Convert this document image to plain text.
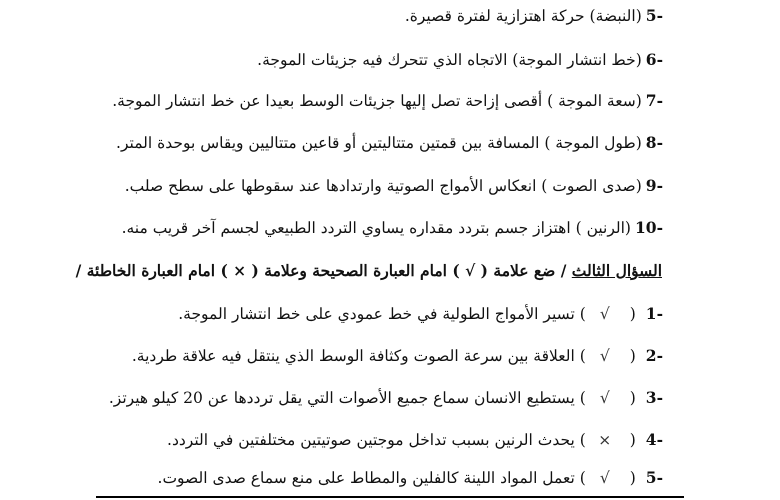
-5(النبضة) حركة اهتزازية لفترة قصيرة.
-6(خط انتشار الموجة) الاتجاه الذي تتحرك فيه جزيئات الموجة.
-7(سعة الموجة ) أقصى إزاحة تصل إليها جزيئات الوسط بعيدا عن خط انتشار الموجة.
-8(طول الموجة ) المسافة بين قمتين متتاليتين أو قاعين متتاليين ويقاس بوحدة المتر.
-9(صدى الصوت ) انعكاس الأمواج الصوتية وارتدادها عند سقوطها على سطح صلب.
-10(الرنين ) اهتزاز جسم بتردد مقداره يساوي التردد الطبيعي لجسم آخر قريب منه.
السؤال الثالث / ضع علامة ( √ ) امام العبارة الصحيحة وعلامة ( × ) امام العبارة الخاطئة /
-1(√) تسير الأمواج الطولية في خط عمودي على خط انتشار الموجة.
-2(√) العلاقة بين سرعة الصوت وكثافة الوسط الذي ينتقل فيه علاقة طردية.
-3(√) يستطيع الانسان سماع جميع الأصوات التي يقل ترددها عن 20 كيلو هيرتز.
-4(×) يحدث الرنين بسبب تداخل موجتين صوتيتين مختلفتين في التردد.
-5(√) تعمل المواد اللينة كالفلين والمطاط على منع سماع صدى الصوت.
